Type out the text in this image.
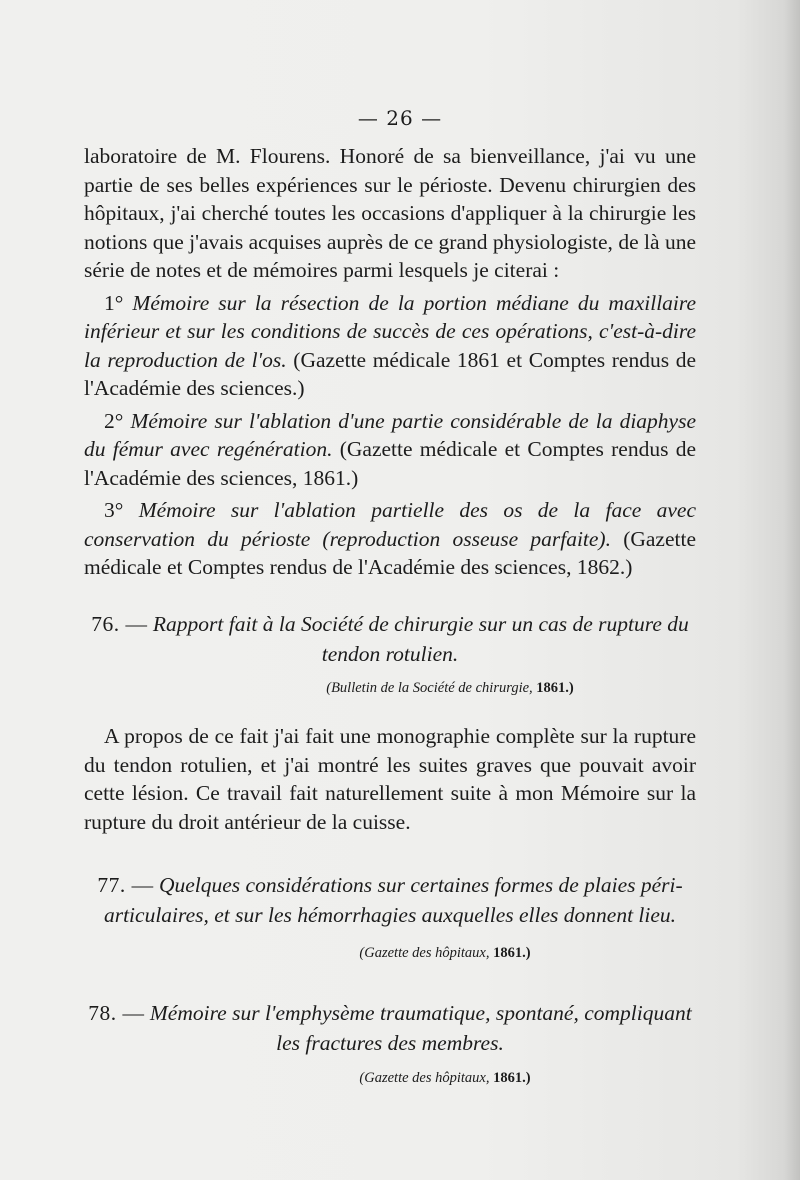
— 26 —
laboratoire de M. Flourens. Honoré de sa bienveillance, j'ai vu une partie de ses belles expériences sur le périoste. Devenu chirurgien des hôpitaux, j'ai cherché toutes les occasions d'appliquer à la chirurgie les notions que j'avais acquises auprès de ce grand physiologiste, de là une série de notes et de mémoires parmi lesquels je citerai :
1° Mémoire sur la résection de la portion médiane du maxillaire inférieur et sur les conditions de succès de ces opérations, c'est-à-dire la reproduction de l'os. (Gazette médicale 1861 et Comptes rendus de l'Académie des sciences.)
2° Mémoire sur l'ablation d'une partie considérable de la diaphyse du fémur avec regénération. (Gazette médicale et Comptes rendus de l'Académie des sciences, 1861.)
3° Mémoire sur l'ablation partielle des os de la face avec conservation du périoste (reproduction osseuse parfaite). (Gazette médicale et Comptes rendus de l'Académie des sciences, 1862.)
76. — Rapport fait à la Société de chirurgie sur un cas de rupture du tendon rotulien.
(Bulletin de la Société de chirurgie, 1861.)
A propos de ce fait j'ai fait une monographie complète sur la rupture du tendon rotulien, et j'ai montré les suites graves que pouvait avoir cette lésion. Ce travail fait naturellement suite à mon Mémoire sur la rupture du droit antérieur de la cuisse.
77. — Quelques considérations sur certaines formes de plaies péri-articulaires, et sur les hémorrhagies auxquelles elles donnent lieu.
(Gazette des hôpitaux, 1861.)
78. — Mémoire sur l'emphysème traumatique, spontané, compliquant les fractures des membres.
(Gazette des hôpitaux, 1861.)
